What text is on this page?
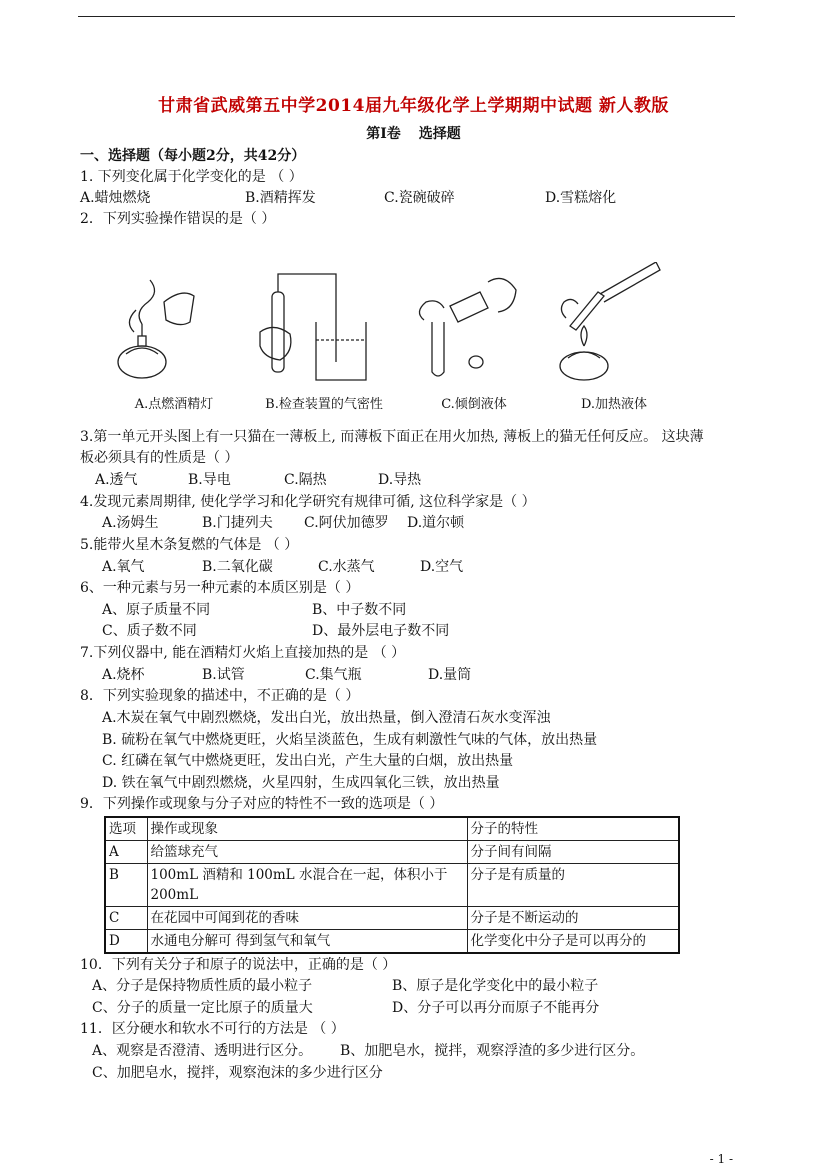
甘肃省武威第五中学2014届九年级化学上学期期中试题 新人教版
第Ⅰ卷 选择题
一、选择题（每小题2分，共42分）
1. 下列变化属于化学变化的是 （ ）
A.蜡烛燃烧	B.酒精挥发	C.瓷碗破碎	D.雪糕熔化
2．下列实验操作错误的是（ ）
A.点燃酒精灯	B.检查装置的气密性	C.倾倒液体	D.加热液体
3.第一单元开头图上有一只猫在一薄板上, 而薄板下面正在用火加热, 薄板上的猫无任何反应。 这块薄
板必须具有的性质是（ ）
A.透气	B.导电	C.隔热	D.导热
4.发现元素周期律, 使化学学习和化学研究有规律可循, 这位科学家是（ ）
A.汤姆生	B.门捷列夫 C.阿伏加德罗 D.道尔顿
5.能带火星木条复燃的气体是 （ ）
A.氧气	B.二氧化碳	C.水蒸气	D.空气
6、一种元素与另一种元素的本质区别是（ ）
A、原子质量不同	B、中子数不同
C、质子数不同	D、最外层电子数不同
7.下列仪器中, 能在酒精灯火焰上直接加热的是 （ ）
A.烧杯	B.试管	C.集气瓶	D.量筒
8．下列实验现象的描述中，不正确的是（ ）
A.木炭在氧气中剧烈燃烧，发出白光，放出热量，倒入澄清石灰水变浑浊
B. 硫粉在氧气中燃烧更旺，火焰呈淡蓝色，生成有刺激性气味的气体，放出热量
C. 红磷在氧气中燃烧更旺，发出白光，产生大量的白烟，放出热量
D. 铁在氧气中剧烈燃烧，火星四射，生成四氧化三铁，放出热量
9．下列操作或现象与分子对应的特性不一致的选项是（ ）
选项	操作或现象	分子的特性
A	给篮球充气	分子间有间隔
B	100mL 酒精和 100mL 水混合在一起，体积小于 200mL	分子是有质量的
C	在花园中可闻到花的香味	分子是不断运动的
D	水通电分解可 得到氢气和氧气	化学变化中分子是可以再分的
10．下列有关分子和原子的说法中，正确的是（ ）
A、分子是保持物质性质的最小粒子	B、原子是化学变化中的最小粒子
C、分子的质量一定比原子的质量大	D、分子可以再分而原子不能再分
11．区分硬水和软水不可行的方法是 （ ）
A、观察是否澄清、透明进行区分。 B、加肥皂水，搅拌，观察浮渣的多少进行区分。
C、加肥皂水，搅拌，观察泡沫的多少进行区分
- 1 -
